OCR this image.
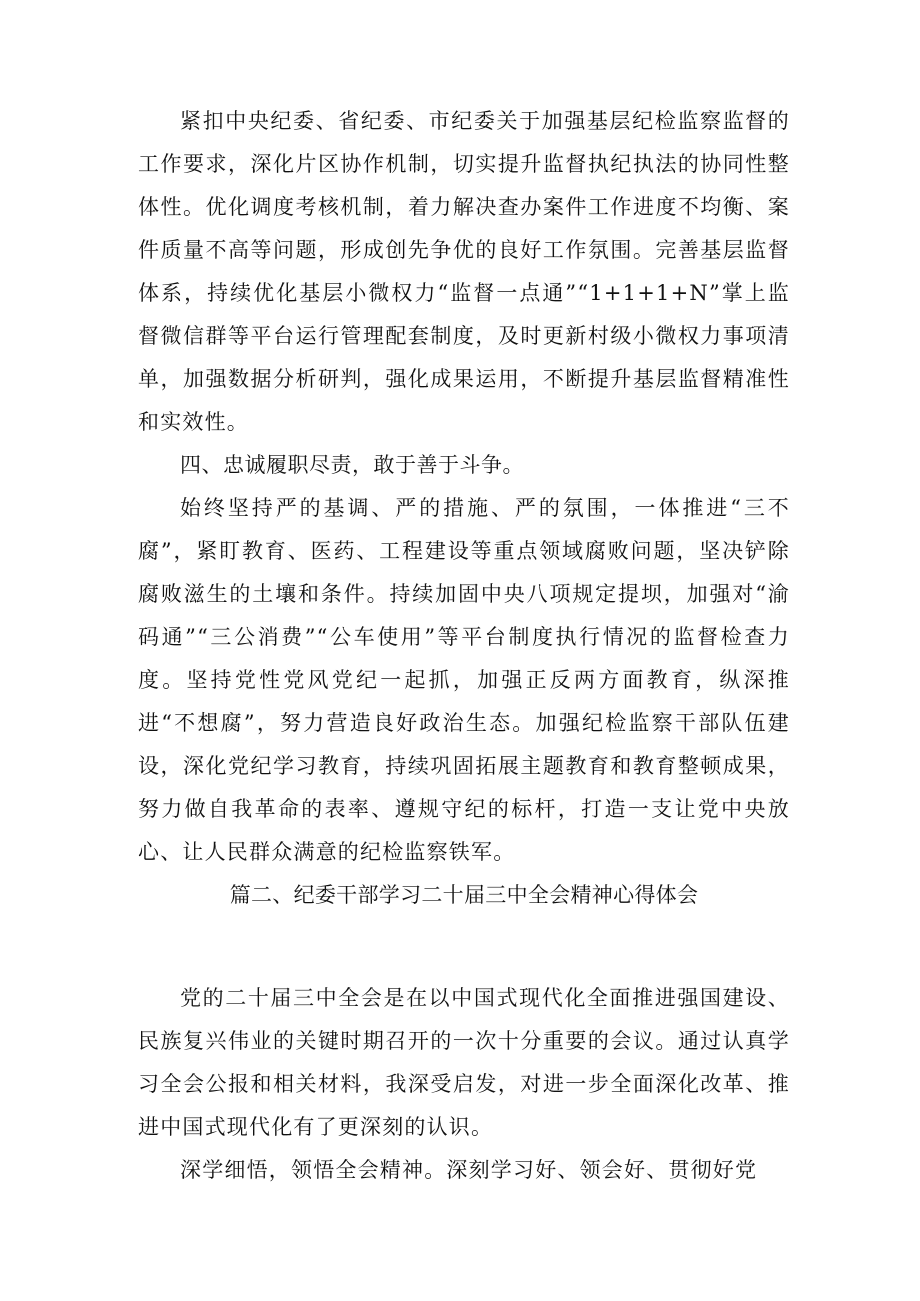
紧扣中央纪委、省纪委、市纪委关于加强基层纪检监察监督的工作要求，深化片区协作机制，切实提升监督执纪执法的协同性整体性。优化调度考核机制，着力解决查办案件工作进度不均衡、案件质量不高等问题，形成创先争优的良好工作氛围。完善基层监督体系，持续优化基层小微权力“监督一点通”“1+1+1+N”掌上监督微信群等平台运行管理配套制度，及时更新村级小微权力事项清单，加强数据分析研判，强化成果运用，不断提升基层监督精准性和实效性。

四、忠诚履职尽责，敢于善于斗争。

始终坚持严的基调、严的措施、严的氛围，一体推进“三不腐”，紧盯教育、医药、工程建设等重点领域腐败问题，坚决铲除腐败滋生的土壤和条件。持续加固中央八项规定提坝，加强对“渝码通”“三公消费”“公车使用”等平台制度执行情况的监督检查力度。坚持党性党风党纪一起抓，加强正反两方面教育，纵深推进“不想腐”，努力营造良好政治生态。加强纪检监察干部队伍建设，深化党纪学习教育，持续巩固拓展主题教育和教育整顿成果，努力做自我革命的表率、遵规守纪的标杆，打造一支让党中央放心、让人民群众满意的纪检监察铁军。

篇二、纪委干部学习二十届三中全会精神心得体会

党的二十届三中全会是在以中国式现代化全面推进强国建设、民族复兴伟业的关键时期召开的一次十分重要的会议。通过认真学习全会公报和相关材料，我深受启发，对进一步全面深化改革、推进中国式现代化有了更深刻的认识。

深学细悟，领悟全会精神。深刻学习好、领会好、贯彻好党
